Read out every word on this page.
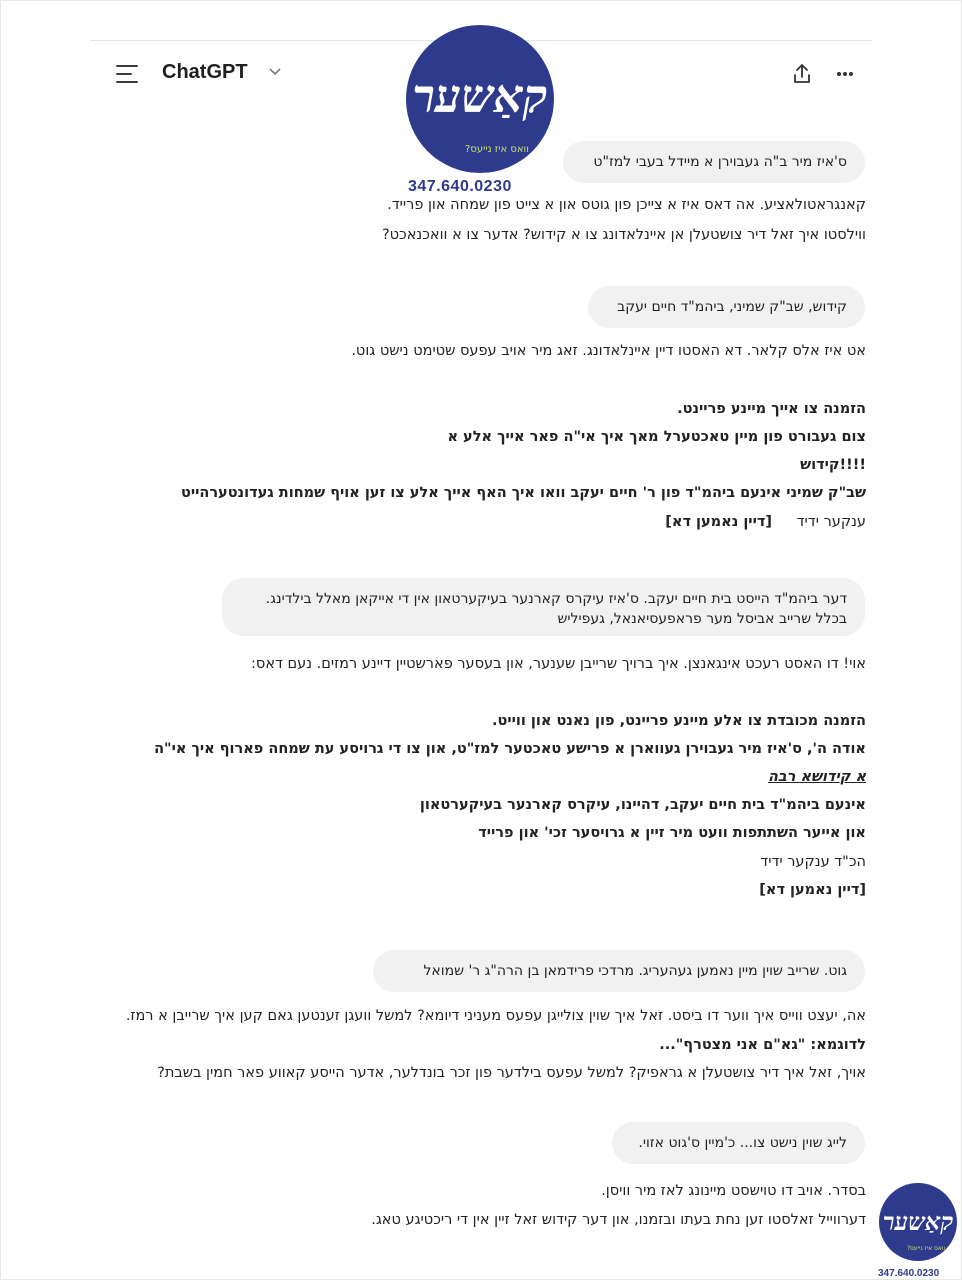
ChatGPT	קאַשער
?וואס איז נייעס
347.640.0230
ס'איז מיר ב"ה געבוירן א מיידל בעבי למז"ט
קאנגראטולאציע. אה דאס איז א צייכן פון גוטס און א צייט פון שמחה און פרייד.
ווילסטו איך זאל דיר צושטעלן אן איינלאדונג צו א קידוש? אדער צו א וואכנאכט?
קידוש, שב"ק שמיני, ביהמ"ד חיים יעקב
אט איז אלס קלאר. דא האסטו דיין איינלאדונג. זאג מיר אויב עפעס שטימט נישט גוט.
הזמנה צו אייך מיינע פריינט.
צום געבורט פון מיין טאכטערל מאך איך אי"ה פאר אייך אלע א
!!!!קידוש
שב"ק שמיני אינעם ביהמ"ד פון ר' חיים יעקב וואו איך האף אייך אלע צו זען אויף שמחות געדונטערהייט
ענקער ידיד
[דיין נאמען דא]
דער ביהמ"ד הייסט בית חיים יעקב. ס'איז עיקרס קארנער בעיקערטאון אין די אייקאן מאלל בילדינג.
בכלל שרייב אביסל מער פראפעסיאנאל, געפיליש
אוי! דו האסט רעכט אינגאנצן. איך ברויך שרייבן שענער, און בעסער פארשטיין דיינע רמזים. נעם דאס:
הזמנה מכובדת צו אלע מיינע פריינט, פון נאנט און ווייט.
אודה ה', ס'איז מיר געבוירן געווארן א פרישע טאכטער למז"ט, און צו די גרויסע עת שמחה פארוף איך אי"ה
א קידושא רבה
אינעם ביהמ"ד בית חיים יעקב, דהיינו, עיקרס קארנער בעיקערטאון
און אייער השתתפות וועט מיר זיין א גרויסער זכי' און פרייד
הכ"ד ענקער ידיד
[דיין נאמען דא]
גוט. שרייב שוין מיין נאמען געהעריג. מרדכי פרידמאן בן הרה"ג ר' שמואל
אה, יעצט ווייס איך ווער דו ביסט. זאל איך שוין צולייגן עפעס מעניני דיומא? למשל וועגן זענטען גאם קען איך שרייבן א רמז.
לדוגמא: "גא"ם אני מצטרף"...
אויך, זאל איך דיר צושטעלן א גראפיק? למשל עפעס בילדער פון זכר בונדלער, אדער הייסע קאווע פאר חמין בשבת?
לייג שוין נישט צו... כ'מיין ס'גוט אזוי.
בסדר. אויב דו טוישסט מיינונג לאז מיר וויסן.
דערווייל זאלסטו זען נחת בעתו ובזמנו, און דער קידוש זאל זיין אין די ריכטיגע טאג. קאַשער
?וואס איז נייעס
347.640.0230
